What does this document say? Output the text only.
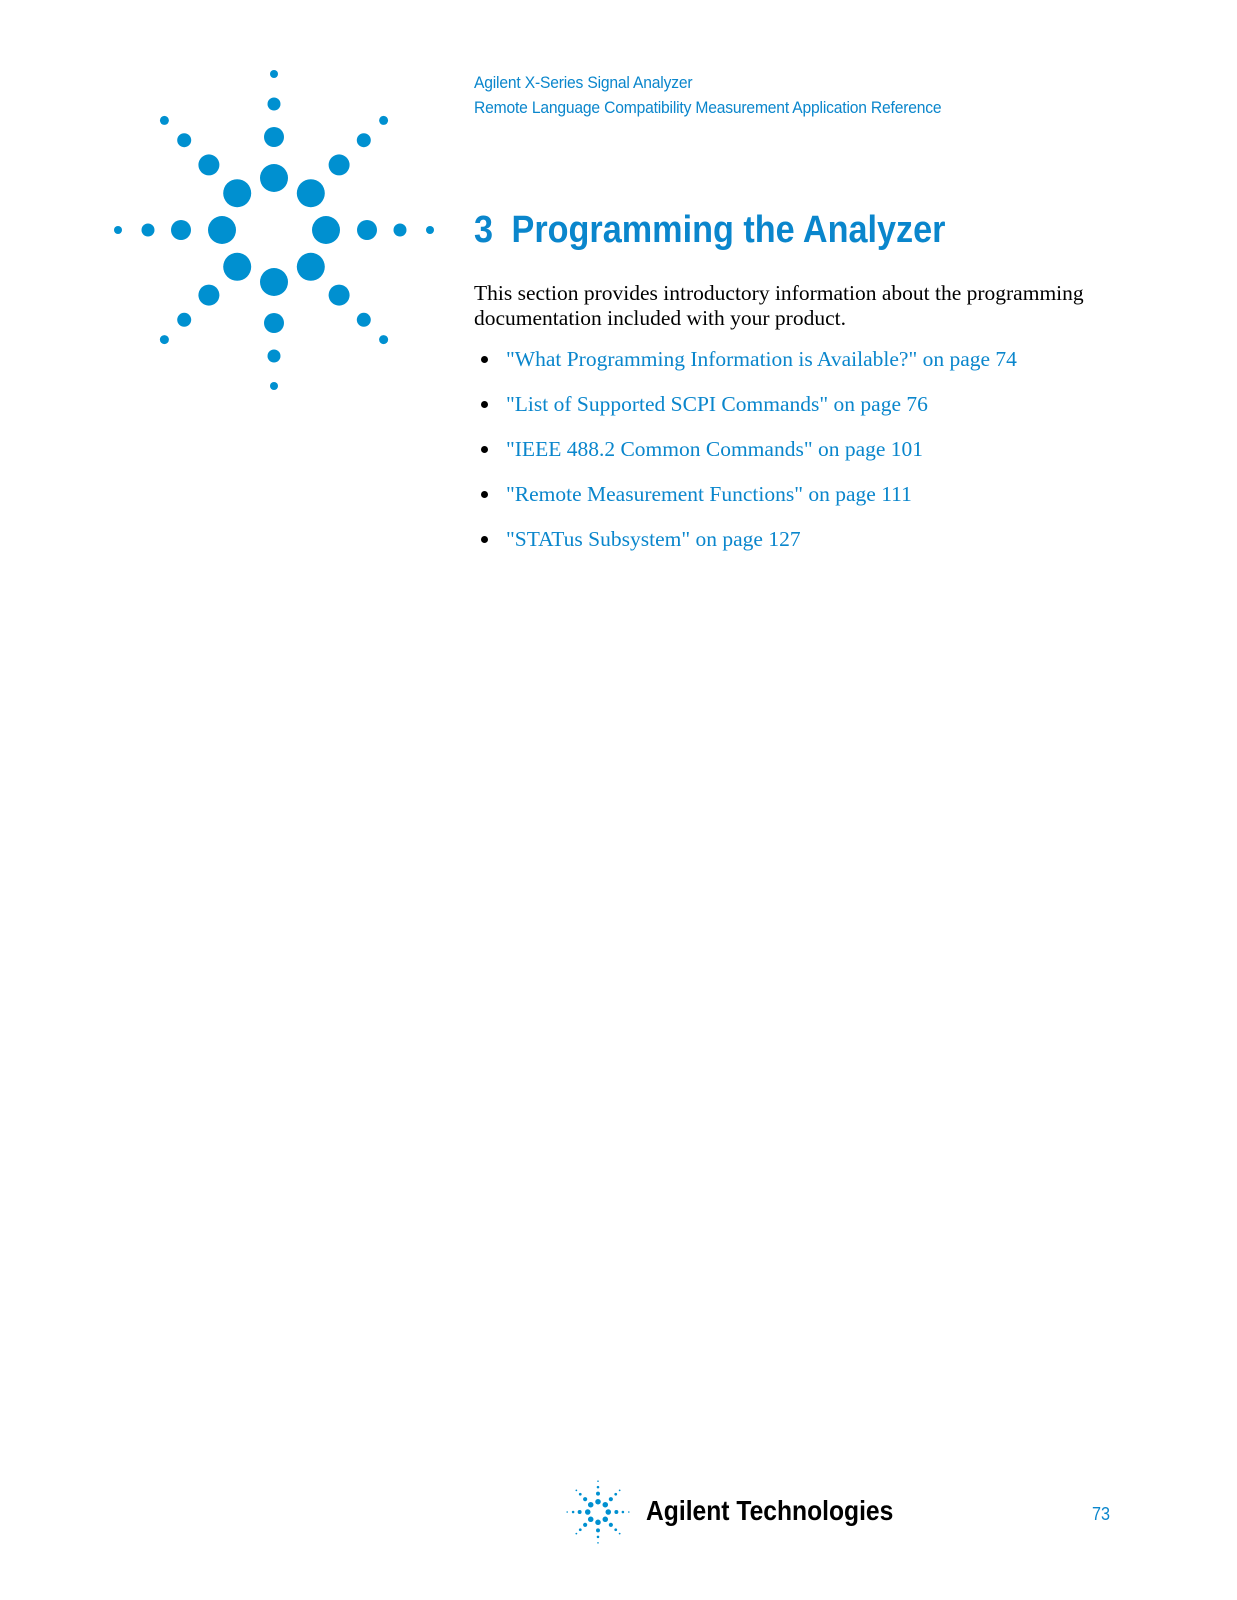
Agilent X-Series Signal Analyzer
Remote Language Compatibility Measurement Application Reference
3 Programming the Analyzer

This section provides introductory information about the programming documentation included with your product.

"What Programming Information is Available?" on page 74
"List of Supported SCPI Commands" on page 76
"IEEE 488.2 Common Commands" on page 101
"Remote Measurement Functions" on page 111
"STATus Subsystem" on page 127
Agilent Technologies	73
